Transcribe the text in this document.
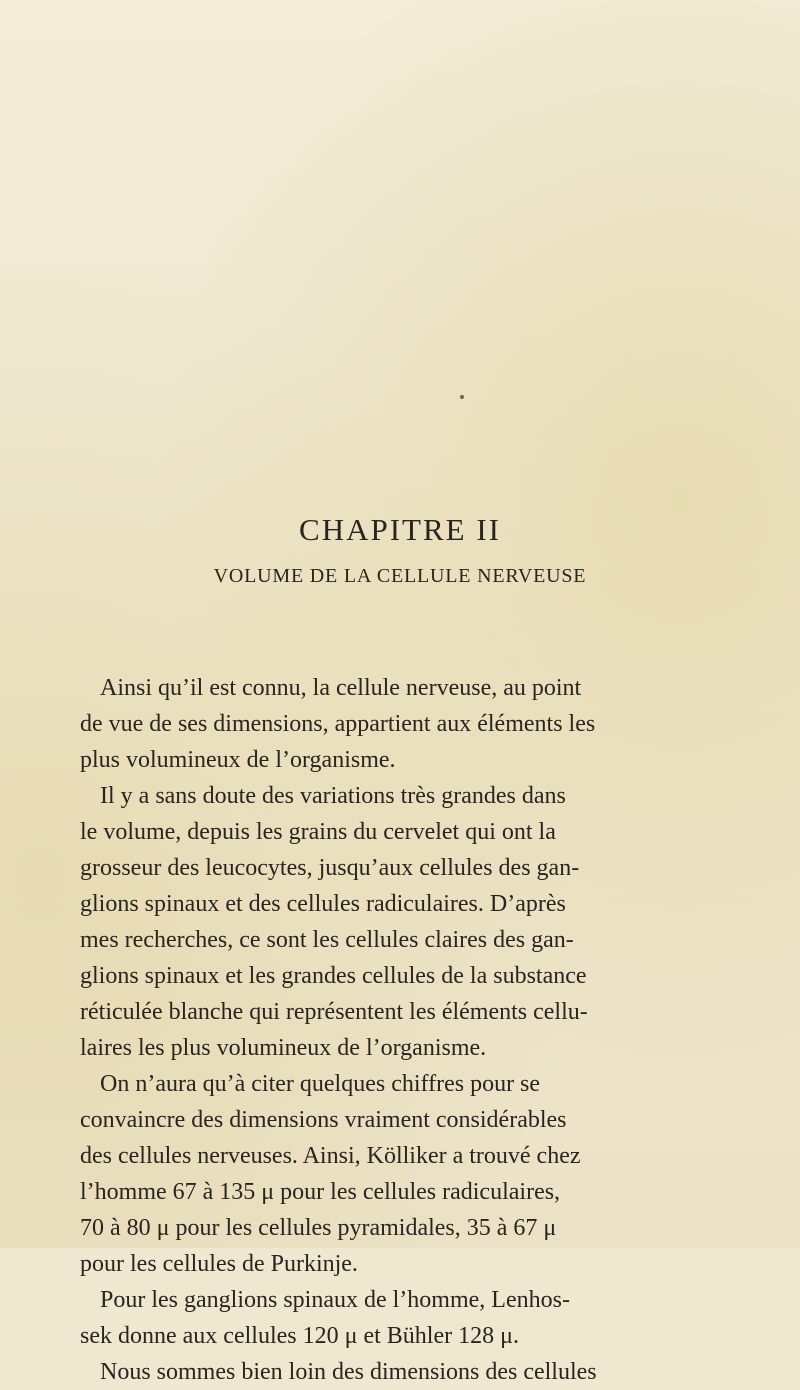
CHAPITRE II
VOLUME DE LA CELLULE NERVEUSE
Ainsi qu’il est connu, la cellule nerveuse, au point
de vue de ses dimensions, appartient aux éléments les
plus volumineux de l’organisme.
Il y a sans doute des variations très grandes dans
le volume, depuis les grains du cervelet qui ont la
grosseur des leucocytes, jusqu’aux cellules des gan-
glions spinaux et des cellules radiculaires. D’après
mes recherches, ce sont les cellules claires des gan-
glions spinaux et les grandes cellules de la substance
réticulée blanche qui représentent les éléments cellu-
laires les plus volumineux de l’organisme.
On n’aura qu’à citer quelques chiffres pour se
convaincre des dimensions vraiment considérables
des cellules nerveuses. Ainsi, Kölliker a trouvé chez
l’homme 67 à 135 μ pour les cellules radiculaires,
70 à 80 μ pour les cellules pyramidales, 35 à 67 μ
pour les cellules de Purkinje.
Pour les ganglions spinaux de l’homme, Lenhos-
sek donne aux cellules 120 μ et Bühler 128 μ.
Nous sommes bien loin des dimensions des cellules
